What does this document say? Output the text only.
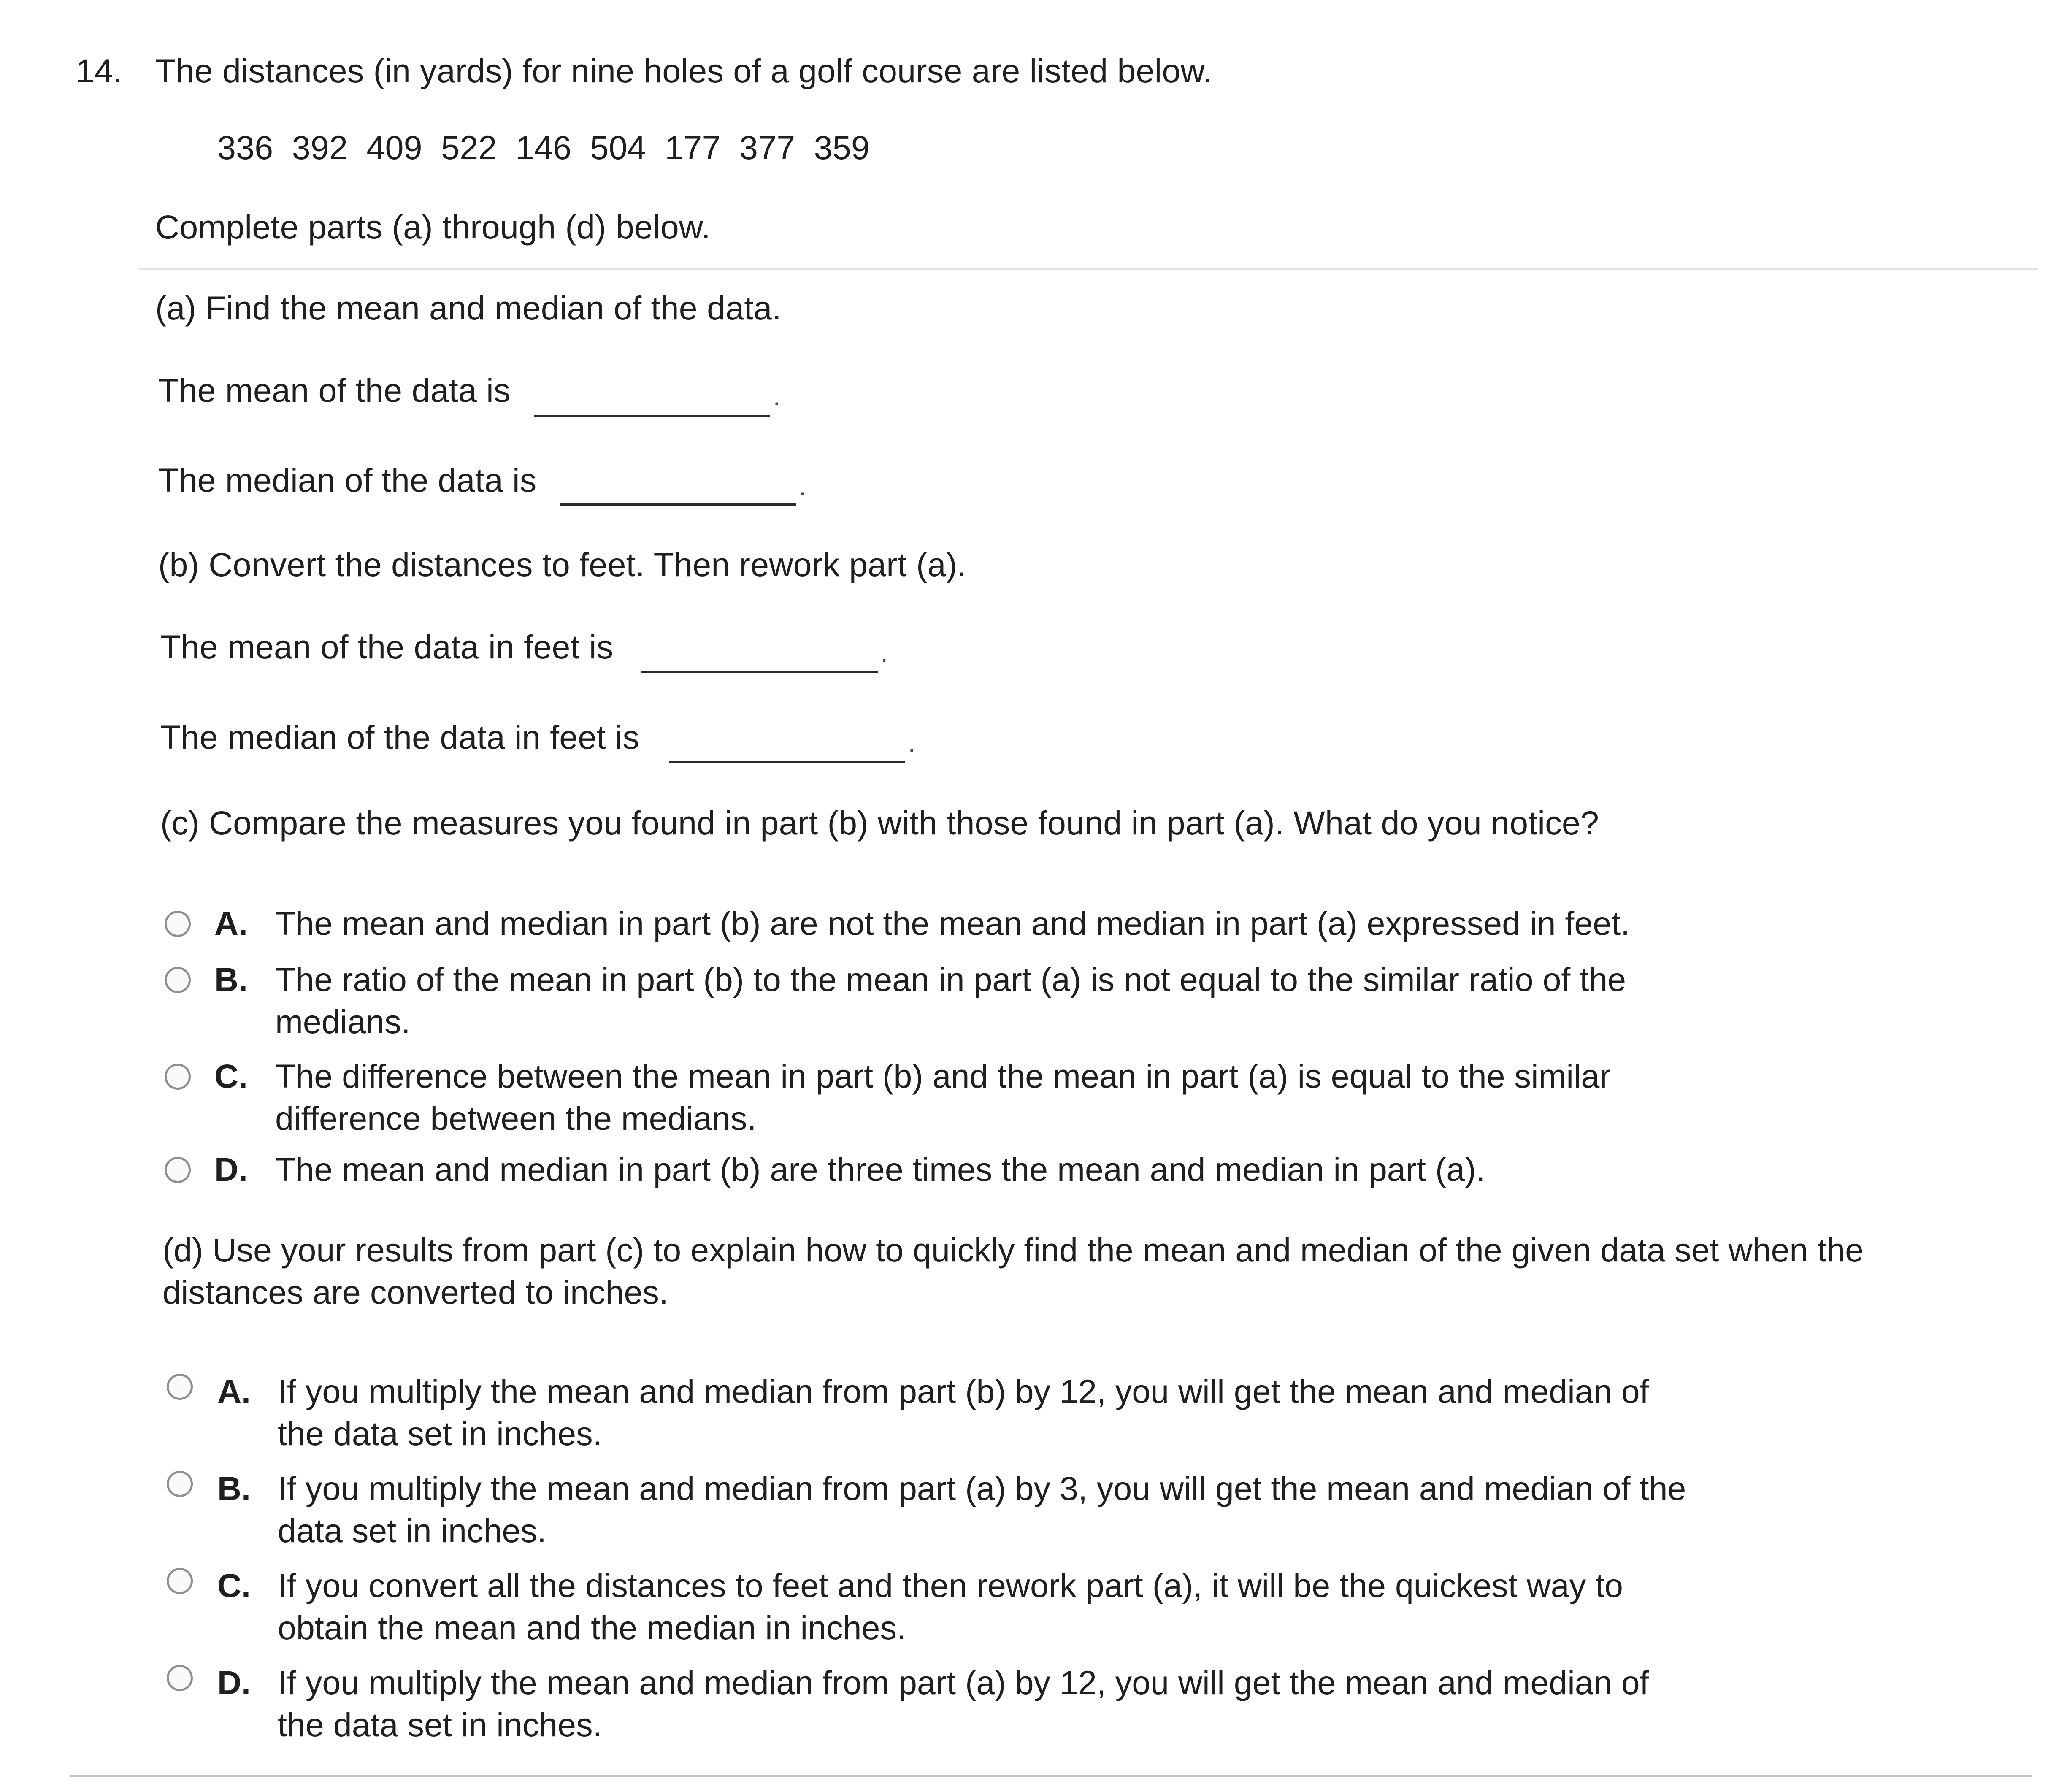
14. The distances (in yards) for nine holes of a golf course are listed below.
336  392  409  522  146  504  177  377  359
Complete parts (a) through (d) below.
(a) Find the mean and median of the data.
The mean of the data is	.
The median of the data is	.
(b) Convert the distances to feet. Then rework part (a).
The mean of the data in feet is	.
The median of the data in feet is	.
(c) Compare the measures you found in part (b) with those found in part (a). What do you notice?
A. The mean and median in part (b) are not the mean and median in part (a) expressed in feet.
B. The ratio of the mean in part (b) to the mean in part (a) is not equal to the similar ratio of the medians.
C. The difference between the mean in part (b) and the mean in part (a) is equal to the similar difference between the medians.
D. The mean and median in part (b) are three times the mean and median in part (a).
(d) Use your results from part (c) to explain how to quickly find the mean and median of the given data set when the distances are converted to inches.
A. If you multiply the mean and median from part (b) by 12, you will get the mean and median of the data set in inches.
B. If you multiply the mean and median from part (a) by 3, you will get the mean and median of the data set in inches.
C. If you convert all the distances to feet and then rework part (a), it will be the quickest way to obtain the mean and the median in inches.
D. If you multiply the mean and median from part (a) by 12, you will get the mean and median of the data set in inches.
